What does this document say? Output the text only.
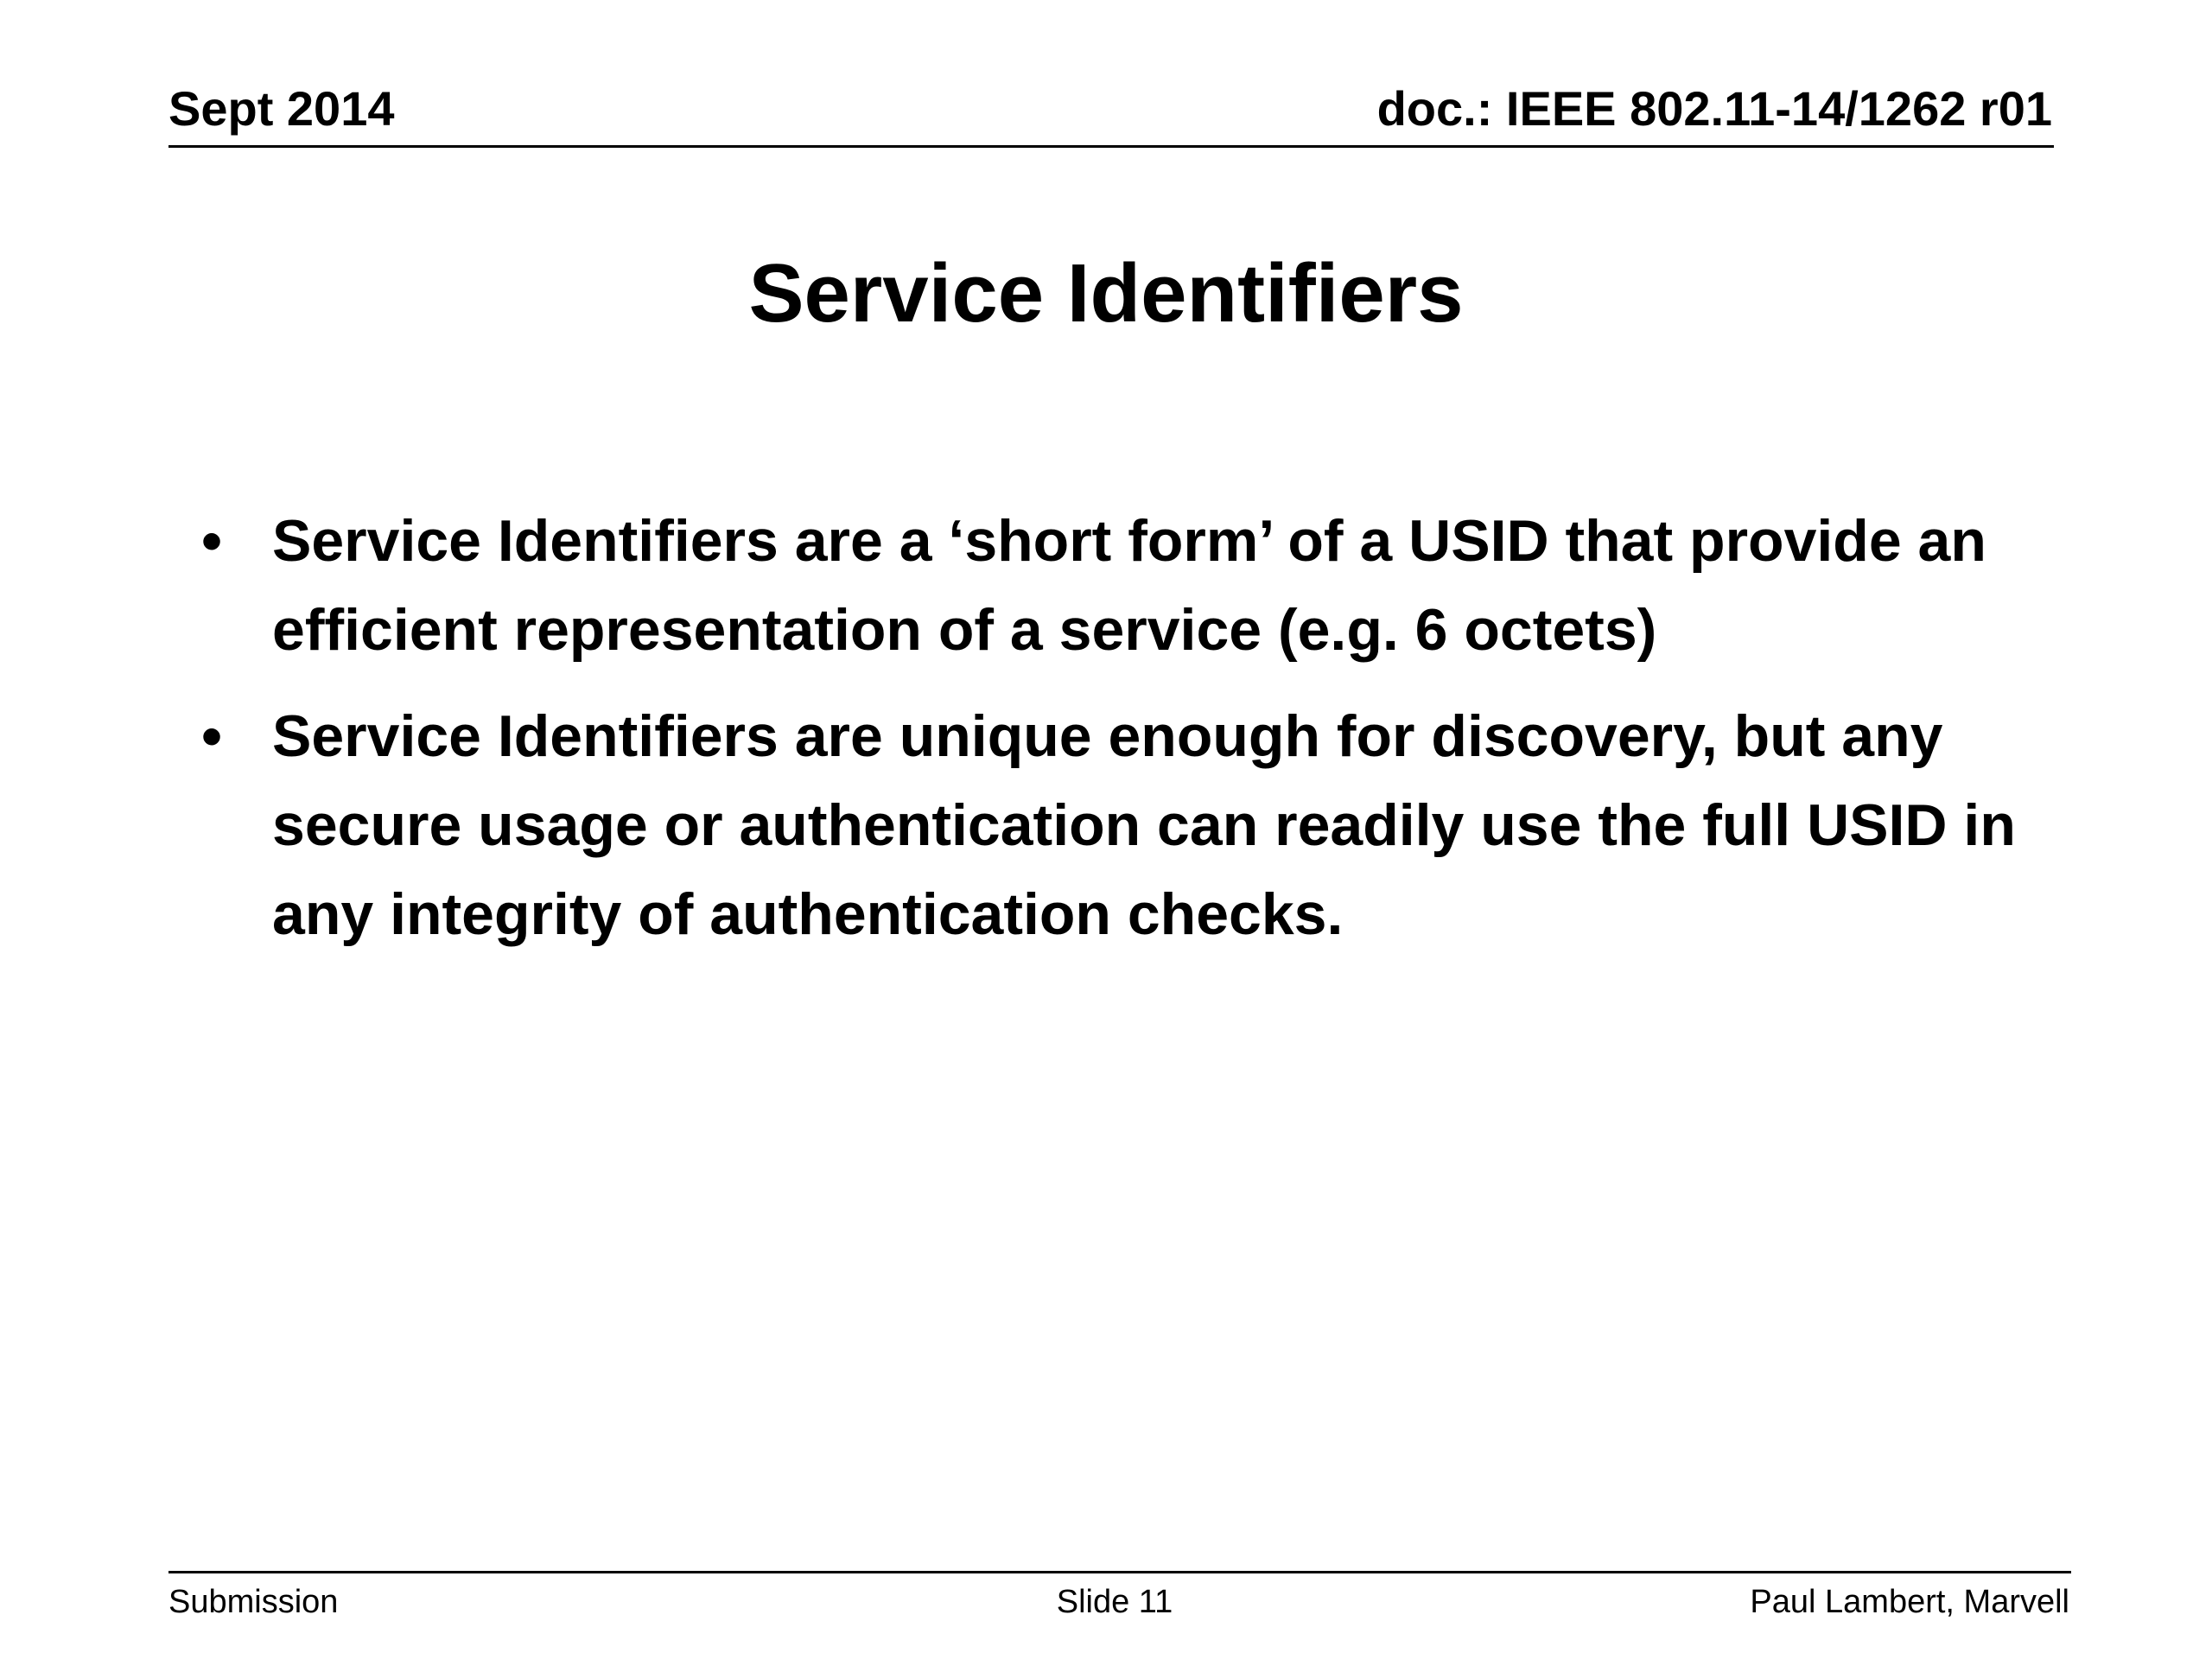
Sept 2014	doc.: IEEE 802.11-14/1262 r01
Service Identifiers
• Service Identifiers are a ‘short form’ of a USID that provide an efficient representation of a service (e.g. 6 octets)
• Service Identifiers are unique enough for discovery, but any secure usage or authentication can readily use the full USID in any integrity of authentication checks.
Submission	Slide 11	Paul Lambert, Marvell
